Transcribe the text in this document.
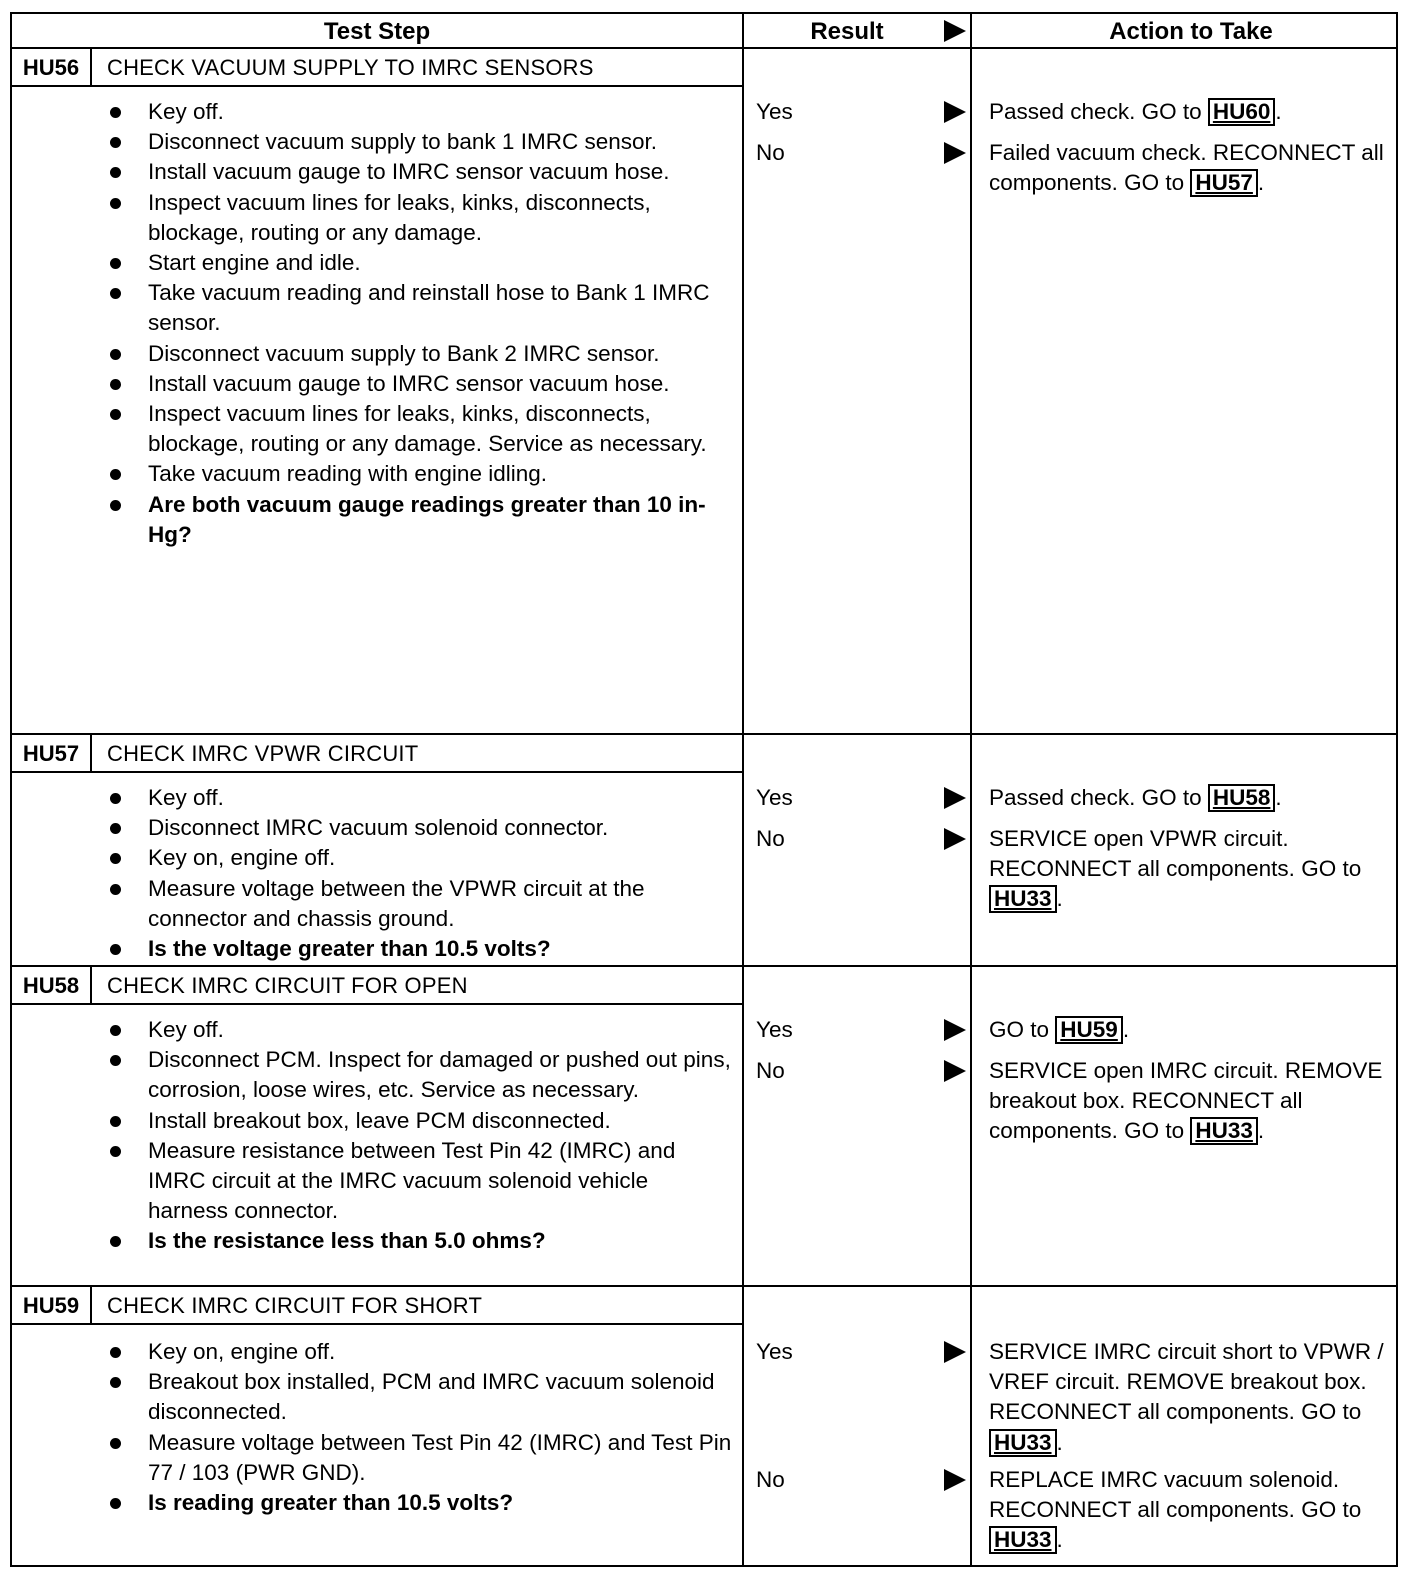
Test Step	Result	Action to Take
HU56	CHECK VACUUM SUPPLY TO IMRC SENSORS
Key off.
Disconnect vacuum supply to bank 1 IMRC sensor.
Install vacuum gauge to IMRC sensor vacuum hose.
Inspect vacuum lines for leaks, kinks, disconnects, blockage, routing or any damage.
Start engine and idle.
Take vacuum reading and reinstall hose to Bank 1 IMRC sensor.
Disconnect vacuum supply to Bank 2 IMRC sensor.
Install vacuum gauge to IMRC sensor vacuum hose.
Inspect vacuum lines for leaks, kinks, disconnects, blockage, routing or any damage. Service as necessary.
Take vacuum reading with engine idling.
Are both vacuum gauge readings greater than 10 in-Hg?
Yes	Passed check. GO to HU60 .
No	Failed vacuum check. RECONNECT all components. GO to HU57 .
HU57	CHECK IMRC VPWR CIRCUIT
Key off.
Disconnect IMRC vacuum solenoid connector.
Key on, engine off.
Measure voltage between the VPWR circuit at the connector and chassis ground.
Is the voltage greater than 10.5 volts?
Yes	Passed check. GO to HU58 .
No	SERVICE open VPWR circuit. RECONNECT all components. GO to HU33 .
HU58	CHECK IMRC CIRCUIT FOR OPEN
Key off.
Disconnect PCM. Inspect for damaged or pushed out pins, corrosion, loose wires, etc. Service as necessary.
Install breakout box, leave PCM disconnected.
Measure resistance between Test Pin 42 (IMRC) and IMRC circuit at the IMRC vacuum solenoid vehicle harness connector.
Is the resistance less than 5.0 ohms?
Yes	GO to HU59 .
No	SERVICE open IMRC circuit. REMOVE breakout box. RECONNECT all components. GO to HU33 .
HU59	CHECK IMRC CIRCUIT FOR SHORT
Key on, engine off.
Breakout box installed, PCM and IMRC vacuum solenoid disconnected.
Measure voltage between Test Pin 42 (IMRC) and Test Pin 77 / 103 (PWR GND).
Is reading greater than 10.5 volts?
Yes	SERVICE IMRC circuit short to VPWR / VREF circuit. REMOVE breakout box. RECONNECT all components. GO to HU33 .
No	REPLACE IMRC vacuum solenoid. RECONNECT all components. GO to HU33 .
